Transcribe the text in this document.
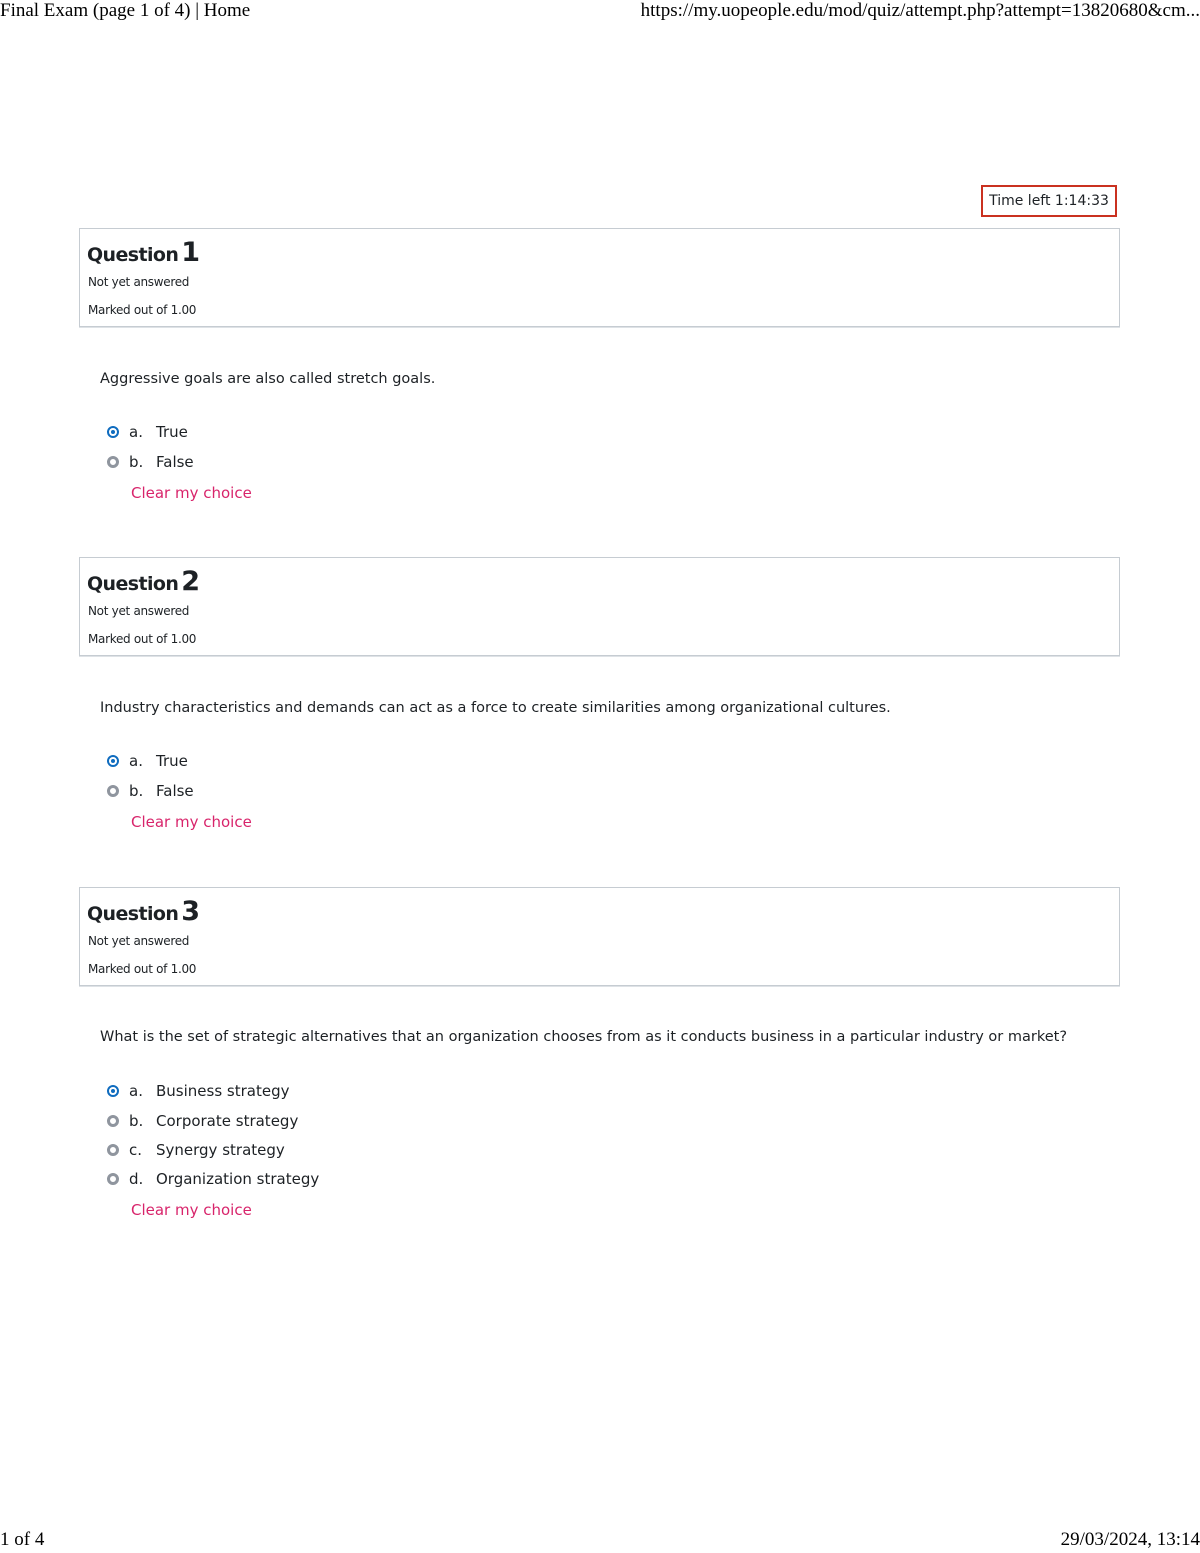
Final Exam (page 1 of 4) | Home	https://my.uopeople.edu/mod/quiz/attempt.php?attempt=13820680&cm...
Time left 1:14:33
Question 1
Not yet answered
Marked out of 1.00
Aggressive goals are also called stretch goals.
a. True
b. False
Clear my choice
Question 2
Not yet answered
Marked out of 1.00
Industry characteristics and demands can act as a force to create similarities among organizational cultures.
a. True
b. False
Clear my choice
Question 3
Not yet answered
Marked out of 1.00
What is the set of strategic alternatives that an organization chooses from as it conducts business in a particular industry or market?
a. Business strategy
b. Corporate strategy
c. Synergy strategy
d. Organization strategy
Clear my choice
1 of 4	29/03/2024, 13:14
